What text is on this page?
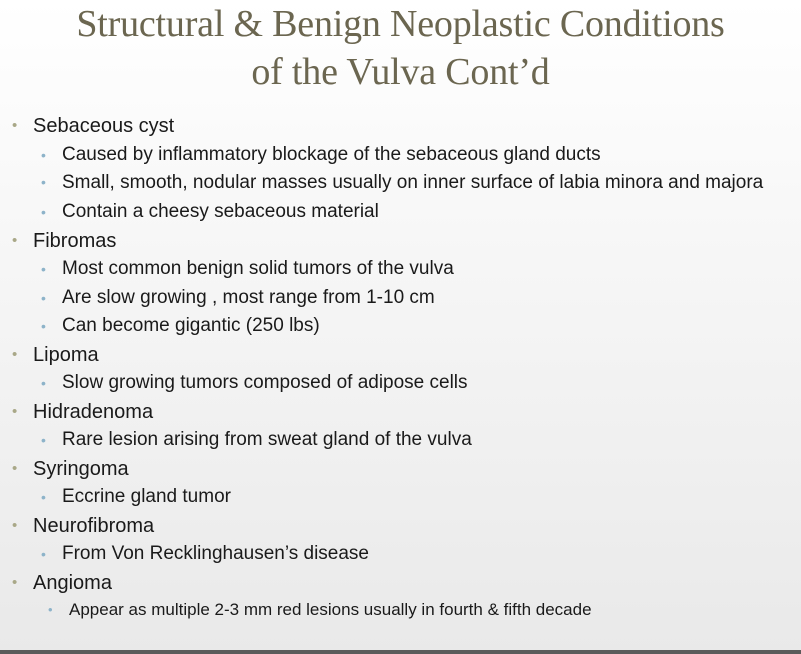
Structural & Benign Neoplastic Conditions
of the Vulva Cont’d
• Sebaceous cyst
• Caused by inflammatory blockage of the sebaceous gland ducts
• Small, smooth, nodular masses usually on inner surface of labia minora and majora
• Contain a cheesy sebaceous material
• Fibromas
• Most common benign solid tumors of the vulva
• Are slow growing , most range from 1-10 cm
• Can become gigantic (250 lbs)
• Lipoma
• Slow growing tumors composed of adipose cells
• Hidradenoma
• Rare lesion arising from sweat gland of the vulva
• Syringoma
• Eccrine gland tumor
• Neurofibroma
• From Von Recklinghausen’s disease
• Angioma
• Appear as multiple 2-3 mm red lesions usually in fourth & fifth decade
